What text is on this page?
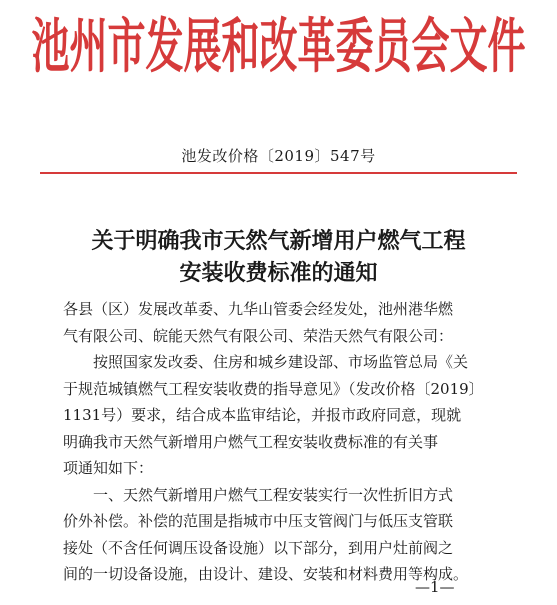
池州市发展和改革委员会文件
池发改价格〔2019〕547号
关于明确我市天然气新增用户燃气工程
安装收费标准的通知
各县（区）发展改革委、九华山管委会经发处，池州港华燃
气有限公司、皖能天然气有限公司、荣浩天然气有限公司：
　　按照国家发改委、住房和城乡建设部、市场监管总局《关
于规范城镇燃气工程安装收费的指导意见》（发改价格〔2019〕
1131号）要求，结合成本监审结论，并报市政府同意，现就
明确我市天然气新增用户燃气工程安装收费标准的有关事
项通知如下：
　　一、天然气新增用户燃气工程安装实行一次性折旧方式
价外补偿。补偿的范围是指城市中压支管阀门与低压支管联
接处（不含任何调压设备设施）以下部分，到用户灶前阀之
间的一切设备设施，由设计、建设、安装和材料费用等构成。
—1—
